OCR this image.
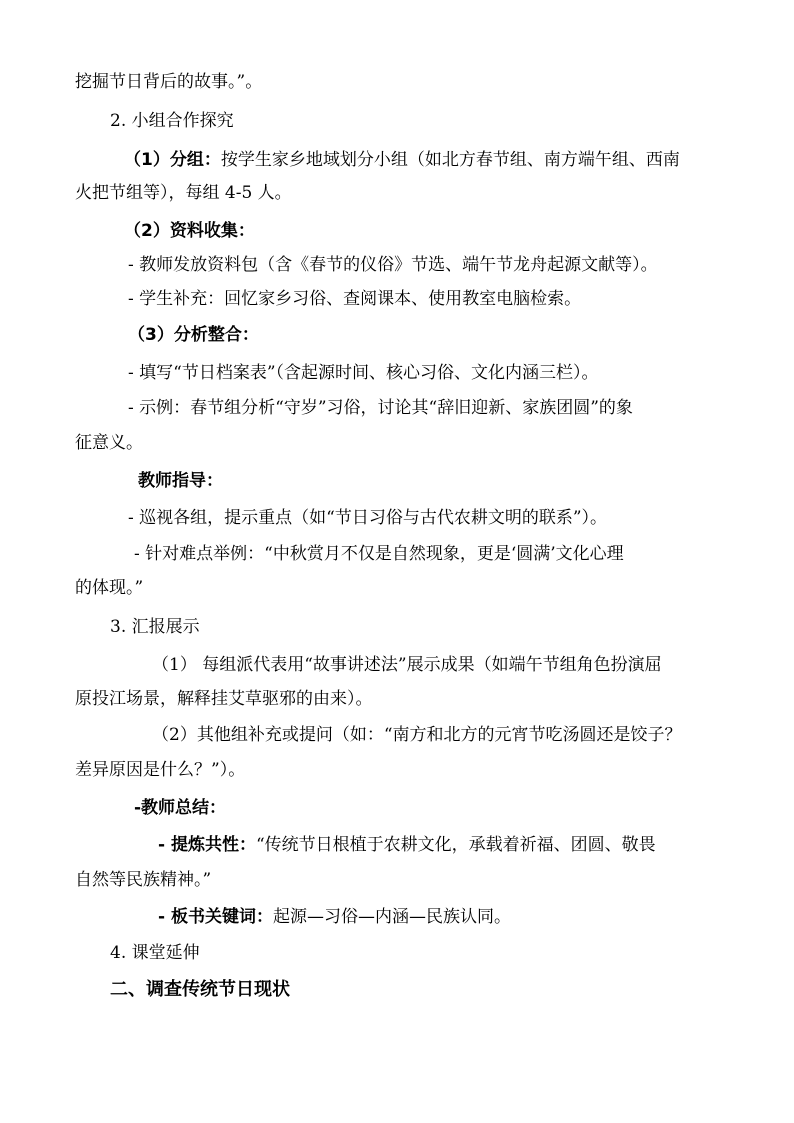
挖掘节日背后的故事。”。
2. 小组合作探究
（1）分组：按学生家乡地域划分小组（如北方春节组、南方端午组、西南
火把节组等），每组 4-5 人。
（2）资料收集：
- 教师发放资料包（含《春节的仪俗》节选、端午节龙舟起源文献等）。
- 学生补充：回忆家乡习俗、查阅课本、使用教室电脑检索。
（3）分析整合：
- 填写“节日档案表”（含起源时间、核心习俗、文化内涵三栏）。
- 示例：春节组分析“守岁”习俗，讨论其“辞旧迎新、家族团圆”的象
征意义。
教师指导：
- 巡视各组，提示重点（如“节日习俗与古代农耕文明的联系”）。
- 针对难点举例：“中秋赏月不仅是自然现象，更是‘圆满’文化心理
的体现。”
3. 汇报展示
（1） 每组派代表用“故事讲述法”展示成果（如端午节组角色扮演屈
原投江场景，解释挂艾草驱邪的由来）。
（2）其他组补充或提问（如：“南方和北方的元宵节吃汤圆还是饺子？
差异原因是什么？”）。
-教师总结：
- 提炼共性：“传统节日根植于农耕文化，承载着祈福、团圆、敬畏
自然等民族精神。”
- 板书关键词：起源—习俗—内涵—民族认同。
4. 课堂延伸
二、调查传统节日现状
